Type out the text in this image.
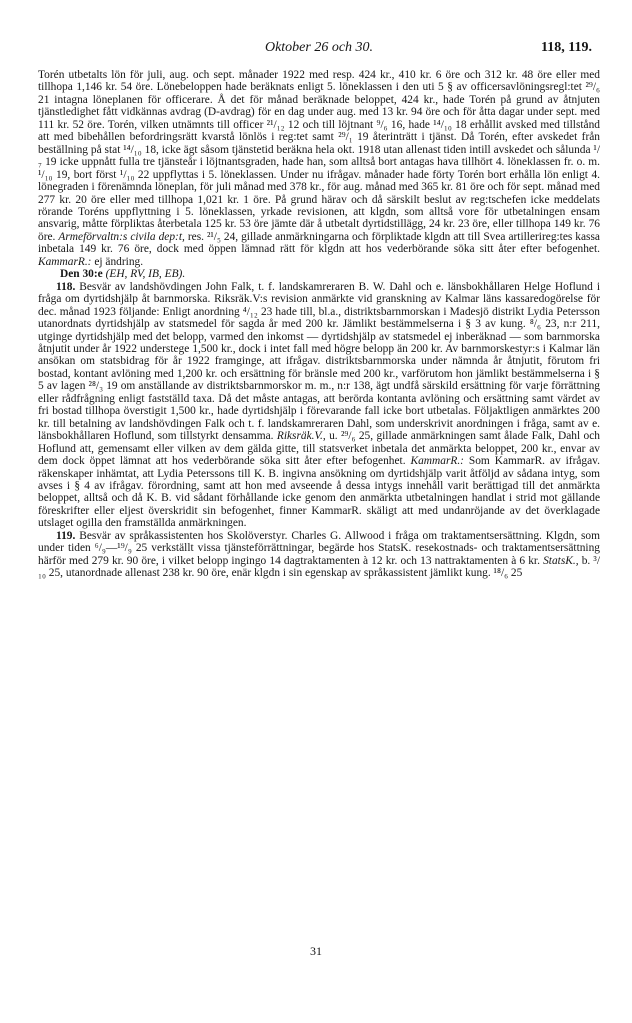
Oktober 26 och 30.	118, 119.

Torén utbetalts lön för juli, aug. och sept. månader 1922 med resp. 424 kr., 410 kr. 6 öre och 312 kr. 48 öre eller med tillhopa 1,146 kr. 54 öre. Lönebeloppen hade beräknats enligt 5. löneklassen i den uti 5 § av officersavlöningsregl:tet ²⁹/₆ 21 intagna löneplanen för officerare. Å det för månad beräknade beloppet, 424 kr., hade Torén på grund av åtnjuten tjänstledighet fått vidkännas avdrag (D-avdrag) för en dag under aug. med 13 kr. 94 öre och för åtta dagar under sept. med 111 kr. 52 öre. Torén, vilken utnämnts till officer ²¹/₁₂ 12 och till löjtnant ⁹/₆ 16, hade ¹⁴/₁₀ 18 erhållit avsked med tillstånd att med bibehållen befordringsrätt kvarstå lönlös i reg:tet samt ²⁹/₁ 19 återinträtt i tjänst. Då Torén, efter avskedet från beställning på stat ¹⁴/₁₀ 18, icke ägt såsom tjänstetid beräkna hela okt. 1918 utan allenast tiden intill avskedet och sålunda ¹/₇ 19 icke uppnått fulla tre tjänsteår i löjtnantsgraden, hade han, som alltså bort antagas hava tillhört 4. löneklassen fr. o. m. ¹/₁₀ 19, bort först ¹/₁₀ 22 uppflyttas i 5. löneklassen. Under nu ifrågav. månader hade förty Torén bort erhålla lön enligt 4. lönegraden i förenämnda löneplan, för juli månad med 378 kr., för aug. månad med 365 kr. 81 öre och för sept. månad med 277 kr. 20 öre eller med tillhopa 1,021 kr. 1 öre. På grund härav och då särskilt beslut av reg:tschefen icke meddelats rörande Toréns uppflyttning i 5. löneklassen, yrkade revisionen, att klgdn, som alltså vore för utbetalningen ensam ansvarig, måtte förpliktas återbetala 125 kr. 53 öre jämte där å utbetalt dyrtidstillägg, 24 kr. 23 öre, eller tillhopa 149 kr. 76 öre. Armeförvaltn:s civila dep:t, res. ²¹/₅ 24, gillade anmärkningarna och förpliktade klgdn att till Svea artillerireg:tes kassa inbetala 149 kr. 76 öre, dock med öppen lämnad rätt för klgdn att hos vederbörande söka sitt åter efter befogenhet. KammarR.: ej ändring.

Den 30:e (EH, RV, IB, EB).

118. Besvär av landshövdingen John Falk, t. f. landskamreraren B. W. Dahl och e. länsbokhållaren Helge Hoflund i fråga om dyrtidshjälp åt barnmorska. Riksräk.V:s revision anmärkte vid granskning av Kalmar läns kassaredogörelse för dec. månad 1923 följande: Enligt anordning ⁴/₁₂ 23 hade till, bl.a., distriktsbarnmorskan i Madesjö distrikt Lydia Petersson utanordnats dyrtidshjälp av statsmedel för sagda år med 200 kr. Jämlikt bestämmelserna i § 3 av kung. ⁸/₆ 23, n:r 211, utginge dyrtidshjälp med det belopp, varmed den inkomst — dyrtidshjälp av statsmedel ej inberäknad — som barnmorska åtnjutit under år 1922 understege 1,500 kr., dock i intet fall med högre belopp än 200 kr. Av barnmorskestyr:s i Kalmar län ansökan om statsbidrag för år 1922 framginge, att ifrågav. distriktsbarnmorska under nämnda år åtnjutit, förutom fri bostad, kontant avlöning med 1,200 kr. och ersättning för bränsle med 200 kr., varförutom hon jämlikt bestämmelserna i § 5 av lagen ²⁸/₃ 19 om anställande av distriktsbarnmorskor m. m., n:r 138, ägt undfå särskild ersättning för varje förrättning eller rådfrågning enligt fastställd taxa. Då det måste antagas, att berörda kontanta avlöning och ersättning samt värdet av fri bostad tillhopa överstigit 1,500 kr., hade dyrtidshjälp i förevarande fall icke bort utbetalas. Följaktligen anmärktes 200 kr. till betalning av landshövdingen Falk och t. f. landskamreraren Dahl, som underskrivit anordningen i fråga, samt av e. länsbokhållaren Hoflund, som tillstyrkt densamma. Riksräk.V., u. ²⁹/₆ 25, gillade anmärkningen samt ålade Falk, Dahl och Hoflund att, gemensamt eller vilken av dem gälda gitte, till statsverket inbetala det anmärkta beloppet, 200 kr., envar av dem dock öppet lämnat att hos vederbörande söka sitt åter efter befogenhet. KammarR.: Som KammarR. av ifrågav. räkenskaper inhämtat, att Lydia Peterssons till K. B. ingivna ansökning om dyrtidshjälp varit åtföljd av sådana intyg, som avses i § 4 av ifrågav. förordning, samt att hon med avseende å dessa intygs innehåll varit berättigad till det anmärkta beloppet, alltså och då K. B. vid sådant förhållande icke genom den anmärkta utbetalningen handlat i strid mot gällande föreskrifter eller eljest överskridit sin befogenhet, finner KammarR. skäligt att med undanröjande av det överklagade utslaget ogilla den framställda anmärkningen.

119. Besvär av språkassistenten hos Skolöverstyr. Charles G. Allwood i fråga om traktamentsersättning. Klgdn, som under tiden ⁶/₉—¹⁹/₉ 25 verkställt vissa tjänsteförrättningar, begärde hos StatsK. resekostnads- och traktamentsersättning härför med 279 kr. 90 öre, i vilket belopp ingingo 14 dagtraktamenten à 12 kr. och 13 nattraktamenten à 6 kr. StatsK., b. ³/₁₀ 25, utanordnade allenast 238 kr. 90 öre, enär klgdn i sin egenskap av språkassistent jämlikt kung. ¹⁸/₆ 25

31
